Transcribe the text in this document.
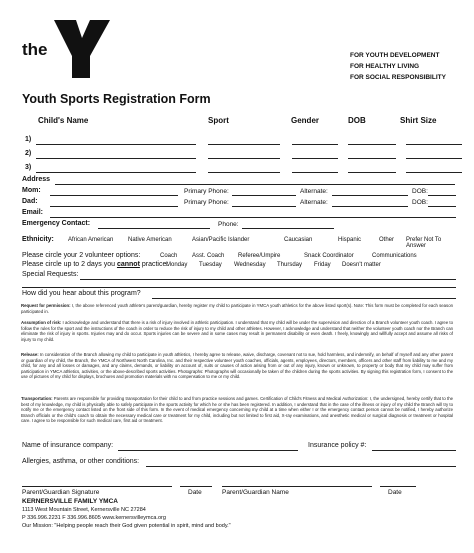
the
YMCA	FOR YOUTH DEVELOPMENT
FOR HEALTHY LIVING
FOR SOCIAL RESPONSIBILITY
Youth Sports Registration Form
Child's Name	Sport	Gender	DOB	Shirt Size
1)
2)
3)
Address
Mom:	Primary Phone:	Alternate:	DOB:
Dad:	Primary Phone:	Alternate:	DOB:
Email:
Emergency Contact:	Phone:
Ethnicity: African American Native American	Asian/Pacific Islander	Caucasian	Hispanic	Other Prefer Not To Answer
Please circle your 2 volunteer options:	Coach Asst. Coach Referee/Umpire	Snack Coordinator	Communications
Please circle up to 2 days you cannot practice:
Monday Tuesday Wednesday Thursday Friday Doesn't matter
Special Requests:
How did you hear about this program?
Request for permission: I, the above referenced youth athlete's parent/guardian, hereby register my child to participate in YMCA youth athletics for the above listed sport(s). Note: This form must be completed for each season participated in.
Assumption of risk: I acknowledge and understand that there is a risk of injury involved in athletic participation. I understand that my child will be under the supervision and direction of a Branch volunteer youth coach. I agree to follow the rules for the sport and the instructions of the coach in order to reduce the risk of injury to my child and other athletes. However, I acknowledge and understand that neither the volunteer youth coach nor the Branch can eliminate the risk of injury in sports. Injuries may and do occur. Sports injuries can be severe and in some cases may result in permanent disability or even death. I freely, knowingly and willfully accept and assume all risks of injury to my child.
Release: In consideration of the Branch allowing my child to participate in youth athletics, I hereby agree to release, waive, discharge, covenant not to sue, hold harmless, and indemnify, on behalf of myself and any other parent or guardian of my child, the Branch, the YMCA of Northwest North Carolina, Inc. and their respective volunteer youth coaches, officials, agents, employees, directors, members, officers and other staff from liability to me and my child, for any and all losses or damages, and any claims, demands, or liability on account of, suits or causes of action arising from or out of any injury, known or unknown, to property or body that my child may suffer from participation in YMCA athletics, activities, or the above-described sports activities. Photographs: Photographs will occasionally be taken of the children during the sports activities. By signing this registration form, I consent to the use of pictures of my child for displays, brochures and promotion materials with no compensation to me or my child.
Transportation: Parents are responsible for providing transportation for their child to and from practice sessions and games. Certification of Child's Fitness and Medical Authorization: I, the undersigned, hereby certify that to the best of my knowledge, my child is physically able to safely participate in the sports activity for which he or she has been registered. In addition, I understand that in the case of the illness or injury of my child the Branch will try to notify me or the emergency contact listed on the front side of this form. In the event of medical emergency concerning my child at a time when either I or the emergency contact person cannot be notified, I hereby authorize Branch officials or the child's coach to obtain the necessary medical care or treatment for my child, including but not limited to first aid, X-ray examinations, and anesthetic medical or surgical diagnosis or treatment or hospital care. I agree to be responsible for such medical care, first aid or treatment.
Name of insurance company:	Insurance policy #:
Allergies, asthma, or other conditions:
Parent/Guardian Signature	Date	Parent/Guardian Name	Date
KERNERSVILLE FAMILY YMCA
1113 West Mountain Street, Kernersville NC 27284
P 336.996.2231 F 336.996.8605 www.kernersvilleymca.org
Our Mission: "Helping people reach their God given potential in spirit, mind and body."
